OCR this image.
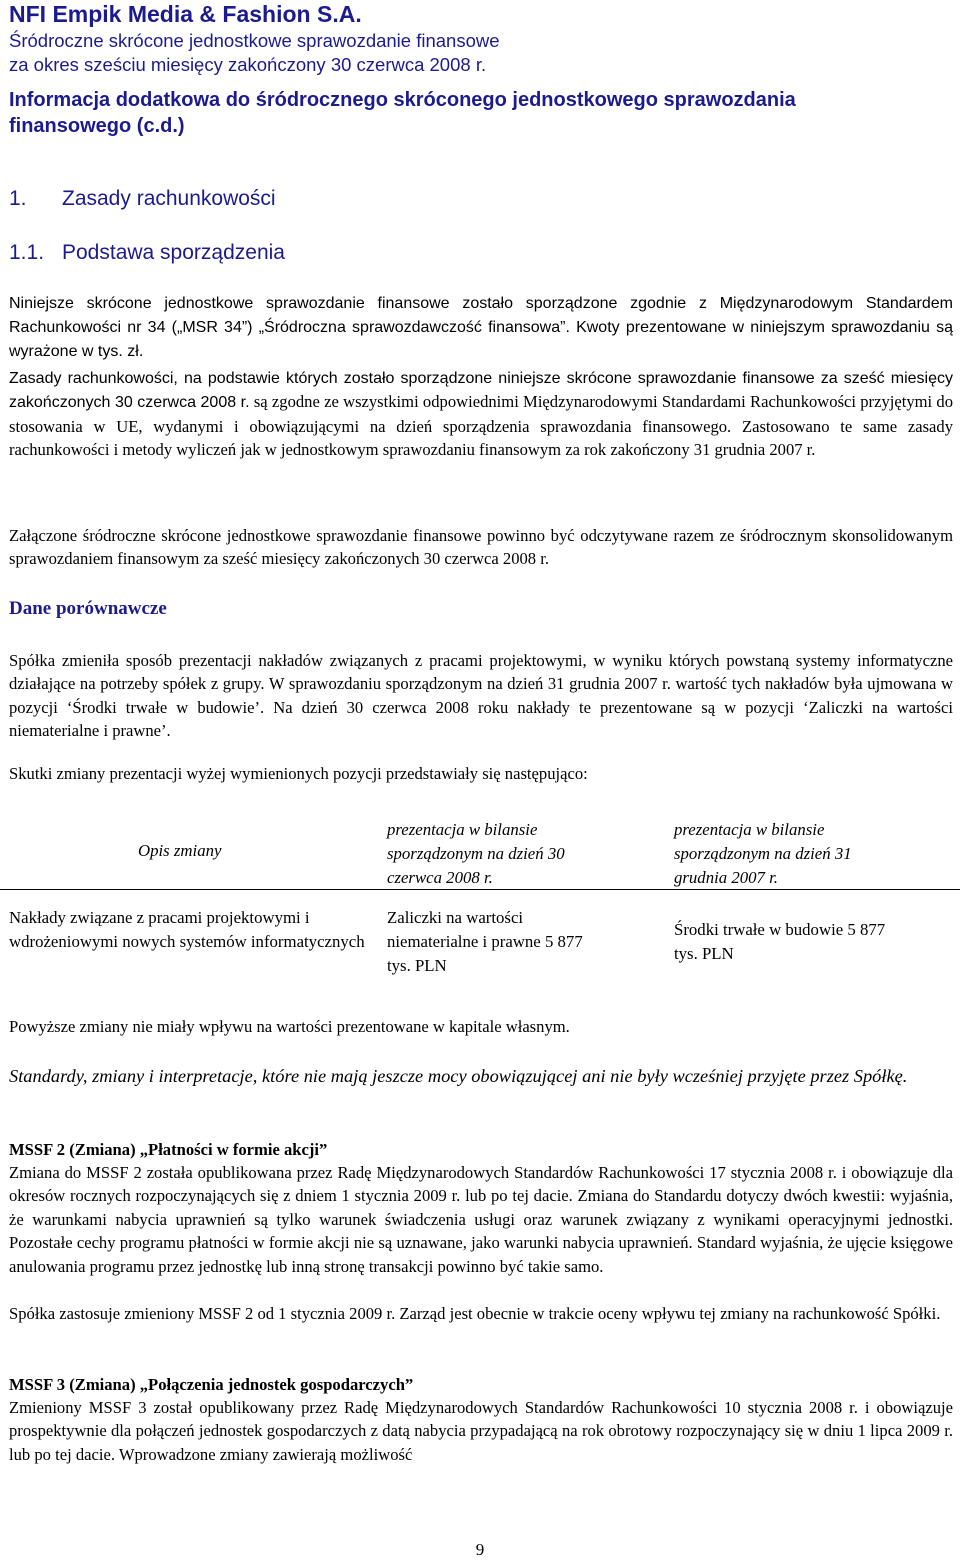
NFI Empik Media & Fashion S.A.
Śródroczne skrócone jednostkowe sprawozdanie finansowe
za okres sześciu miesięcy zakończony 30 czerwca 2008 r.
Informacja dodatkowa do śródrocznego skróconego jednostkowego sprawozdania finansowego (c.d.)
1. Zasady rachunkowości
1.1. Podstawa sporządzenia
Niniejsze skrócone jednostkowe sprawozdanie finansowe zostało sporządzone zgodnie z Międzynarodowym Standardem Rachunkowości nr 34 („MSR 34”) „Śródroczna sprawozdawczość finansowa”. Kwoty prezentowane w niniejszym sprawozdaniu są wyrażone w tys. zł.
Zasady rachunkowości, na podstawie których zostało sporządzone niniejsze skrócone sprawozdanie finansowe za sześć miesięcy zakończonych 30 czerwca 2008 r. są zgodne ze wszystkimi odpowiednimi Międzynarodowymi Standardami Rachunkowości przyjętymi do stosowania w UE, wydanymi i obowiązującymi na dzień sporządzenia sprawozdania finansowego. Zastosowano te same zasady rachunkowości i metody wyliczeń jak w jednostkowym sprawozdaniu finansowym za rok zakończony 31 grudnia 2007 r.
Załączone śródroczne skrócone jednostkowe sprawozdanie finansowe powinno być odczytywane razem ze śródrocznym skonsolidowanym sprawozdaniem finansowym za sześć miesięcy zakończonych 30 czerwca 2008 r.
Dane porównawcze
Spółka zmieniła sposób prezentacji nakładów związanych z pracami projektowymi, w wyniku których powstaną systemy informatyczne działające na potrzeby spółek z grupy. W sprawozdaniu sporządzonym na dzień 31 grudnia 2007 r. wartość tych nakładów była ujmowana w pozycji ‘Środki trwałe w budowie’. Na dzień 30 czerwca 2008 roku nakłady te prezentowane są w pozycji ‘Zaliczki na wartości niematerialne i prawne’.
Skutki zmiany prezentacji wyżej wymienionych pozycji przedstawiały się następująco:
Opis zmiany
prezentacja w bilansie sporządzonym na dzień 30 czerwca 2008 r.
prezentacja w bilansie sporządzonym na dzień 31 grudnia 2007 r.
Nakłady związane z pracami projektowymi i wdrożeniowymi nowych systemów informatycznych
Zaliczki na wartości niematerialne i prawne 5 877 tys. PLN
Środki trwałe w budowie 5 877 tys. PLN
Powyższe zmiany nie miały wpływu na wartości prezentowane w kapitale własnym.
Standardy, zmiany i interpretacje, które nie mają jeszcze mocy obowiązującej ani nie były wcześniej przyjęte przez Spółkę.
MSSF 2 (Zmiana) „Płatności w formie akcji”
Zmiana do MSSF 2 została opublikowana przez Radę Międzynarodowych Standardów Rachunkowości 17 stycznia 2008 r. i obowiązuje dla okresów rocznych rozpoczynających się z dniem 1 stycznia 2009 r. lub po tej dacie. Zmiana do Standardu dotyczy dwóch kwestii: wyjaśnia, że warunkami nabycia uprawnień są tylko warunek świadczenia usługi oraz warunek związany z wynikami operacyjnymi jednostki. Pozostałe cechy programu płatności w formie akcji nie są uznawane, jako warunki nabycia uprawnień. Standard wyjaśnia, że ujęcie księgowe anulowania programu przez jednostkę lub inną stronę transakcji powinno być takie samo.
Spółka zastosuje zmieniony MSSF 2 od 1 stycznia 2009 r. Zarząd jest obecnie w trakcie oceny wpływu tej zmiany na rachunkowość Spółki.
MSSF 3 (Zmiana) „Połączenia jednostek gospodarczych”
Zmieniony MSSF 3 został opublikowany przez Radę Międzynarodowych Standardów Rachunkowości 10 stycznia 2008 r. i obowiązuje prospektywnie dla połączeń jednostek gospodarczych z datą nabycia przypadającą na rok obrotowy rozpoczynający się w dniu 1 lipca 2009 r. lub po tej dacie. Wprowadzone zmiany zawierają możliwość
9
